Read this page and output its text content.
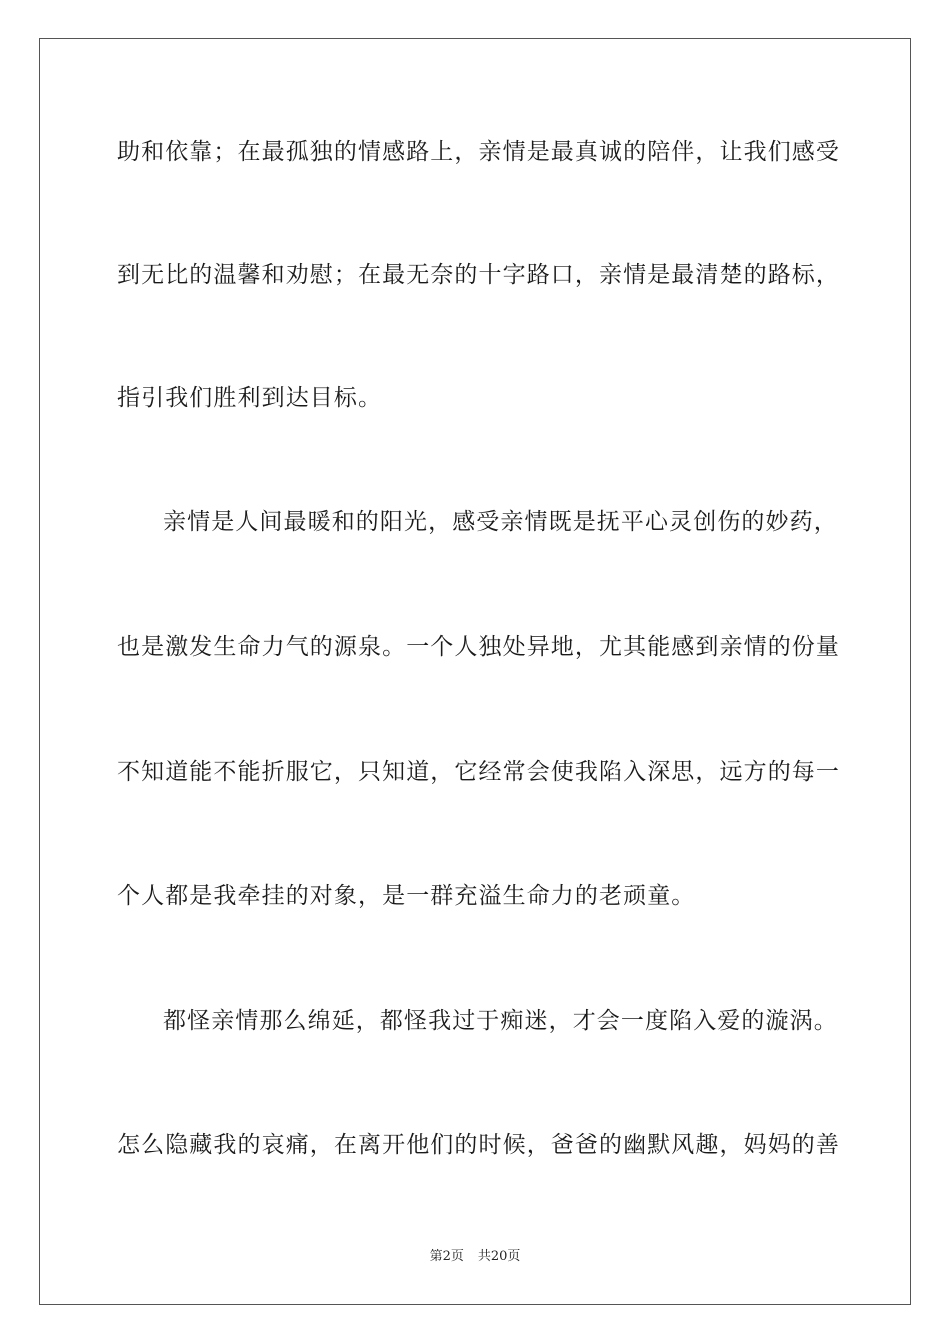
助和依靠；在最孤独的情感路上，亲情是最真诚的陪伴，让我们感受
到无比的温馨和劝慰；在最无奈的十字路口，亲情是最清楚的路标，
指引我们胜利到达目标。
亲情是人间最暖和的阳光，感受亲情既是抚平心灵创伤的妙药，
也是激发生命力气的源泉。一个人独处异地，尤其能感到亲情的份量
不知道能不能折服它，只知道，它经常会使我陷入深思，远方的每一
个人都是我牵挂的对象，是一群充溢生命力的老顽童。
都怪亲情那么绵延，都怪我过于痴迷，才会一度陷入爱的漩涡。
怎么隐藏我的哀痛，在离开他们的时候，爸爸的幽默风趣，妈妈的善
第2页 共20页
